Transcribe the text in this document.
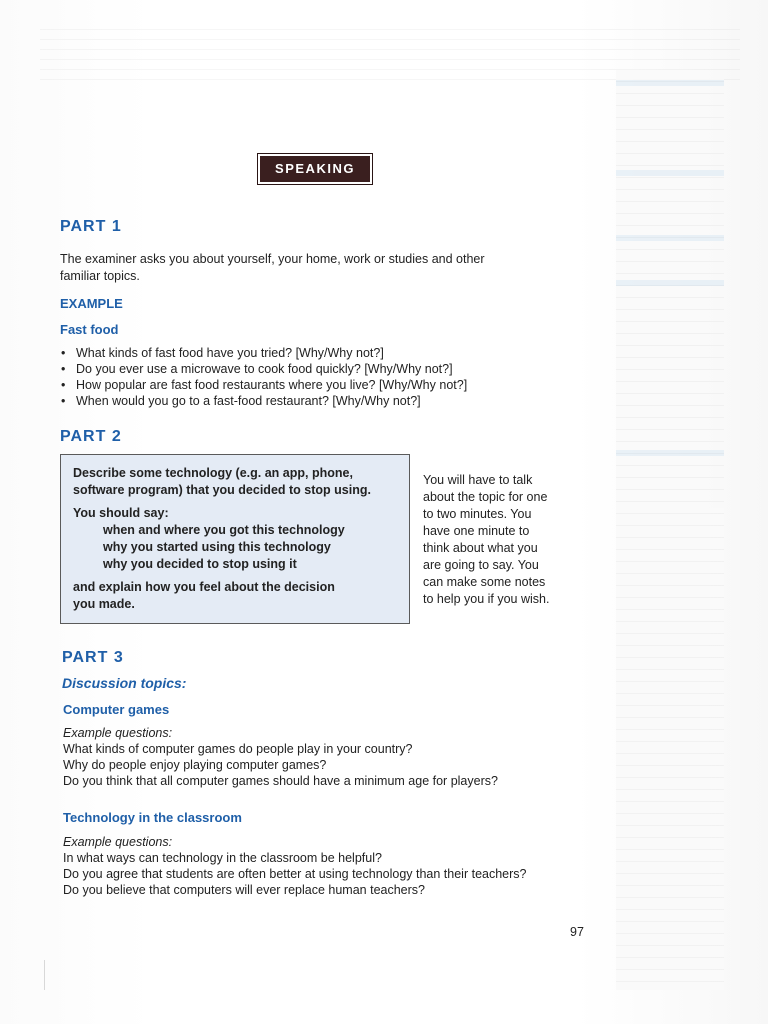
SPEAKING
PART 1
The examiner asks you about yourself, your home, work or studies and other
familiar topics.
EXAMPLE
Fast food
• What kinds of fast food have you tried? [Why/Why not?]
• Do you ever use a microwave to cook food quickly? [Why/Why not?]
• How popular are fast food restaurants where you live? [Why/Why not?]
• When would you go to a fast-food restaurant? [Why/Why not?]
PART 2

Describe some technology (e.g. an app, phone,

software program) that you decided to stop using.

You should say:

when and where you got this technology

why you started using this technology

why you decided to stop using it

and explain how you feel about the decision

you made.

You will have to talk
about the topic for one
to two minutes. You
have one minute to
think about what you
are going to say. You
can make some notes
to help you if you wish.
PART 3
Discussion topics:
Computer games
Example questions:
What kinds of computer games do people play in your country?
Why do people enjoy playing computer games?
Do you think that all computer games should have a minimum age for players?
Technology in the classroom
Example questions:
In what ways can technology in the classroom be helpful?
Do you agree that students are often better at using technology than their teachers?
Do you believe that computers will ever replace human teachers?
97
